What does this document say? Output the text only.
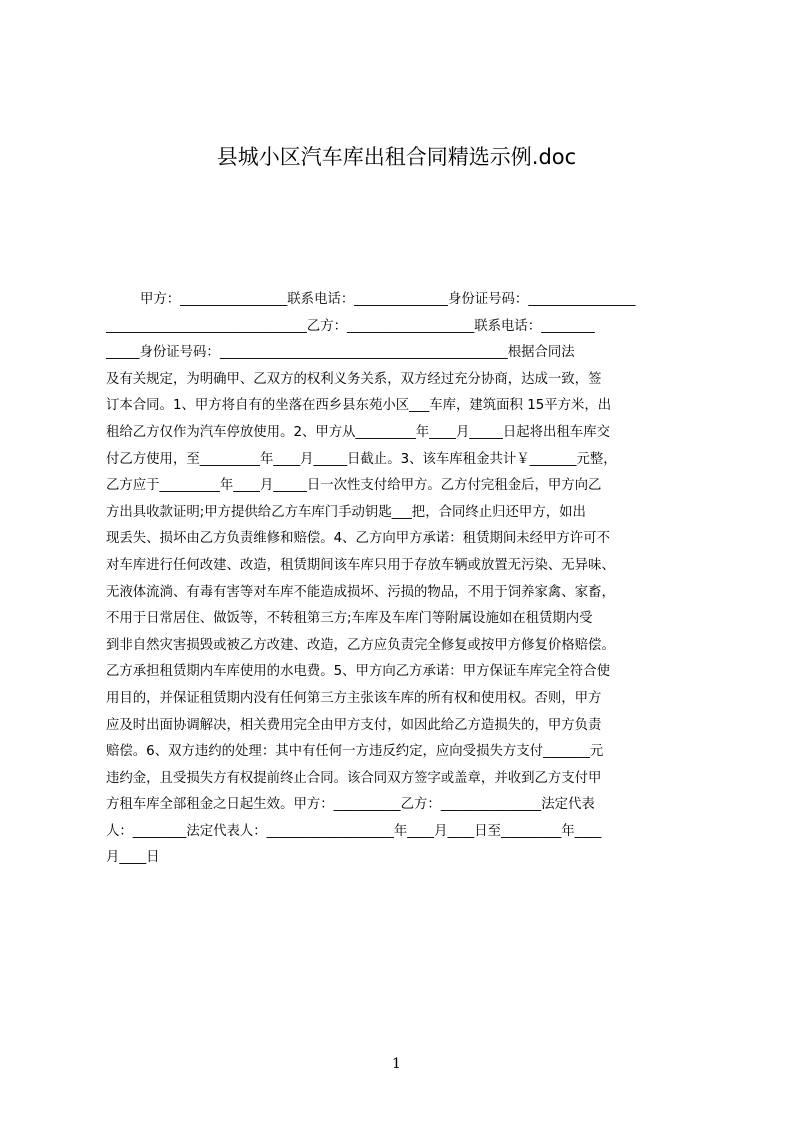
县城小区汽车库出租合同精选示例.doc
甲方：________________联系电话：______________身份证号码：________________
______________________________乙方：___________________联系电话：________
_____身份证号码：___________________________________________根据合同法
及有关规定，为明确甲、乙双方的权利义务关系，双方经过充分协商，达成一致，签
订本合同。1、甲方将自有的坐落在西乡县东苑小区___车库，建筑面积 15平方米，出
租给乙方仅作为汽车停放使用。2、甲方从_________年____月_____日起将出租车库交
付乙方使用，至_________年____月_____日截止。3、该车库租金共计￥_______元整，
乙方应于_________年____月_____日一次性支付给甲方。乙方付完租金后，甲方向乙
方出具收款证明;甲方提供给乙方车库门手动钥匙___把，合同终止归还甲方，如出
现丢失、损坏由乙方负责维修和赔偿。4、乙方向甲方承诺：租赁期间未经甲方许可不
对车库进行任何改建、改造，租赁期间该车库只用于存放车辆或放置无污染、无异味、
无液体流淌、有毒有害等对车库不能造成损坏、污损的物品，不用于饲养家禽、家畜，
不用于日常居住、做饭等，不转租第三方;车库及车库门等附属设施如在租赁期内受
到非自然灾害损毁或被乙方改建、改造，乙方应负责完全修复或按甲方修复价格赔偿。
乙方承担租赁期内车库使用的水电费。5、甲方向乙方承诺：甲方保证车库完全符合使
用目的，并保证租赁期内没有任何第三方主张该车库的所有权和使用权。否则，甲方
应及时出面协调解决，相关费用完全由甲方支付，如因此给乙方造损失的，甲方负责
赔偿。6、双方违约的处理：其中有任何一方违反约定，应向受损失方支付_______元
违约金，且受损失方有权提前终止合同。该合同双方签字或盖章，并收到乙方支付甲
方租车库全部租金之日起生效。甲方：__________乙方：_______________法定代表
人：________法定代表人：___________________年____月____日至_________年____
月____日
1
